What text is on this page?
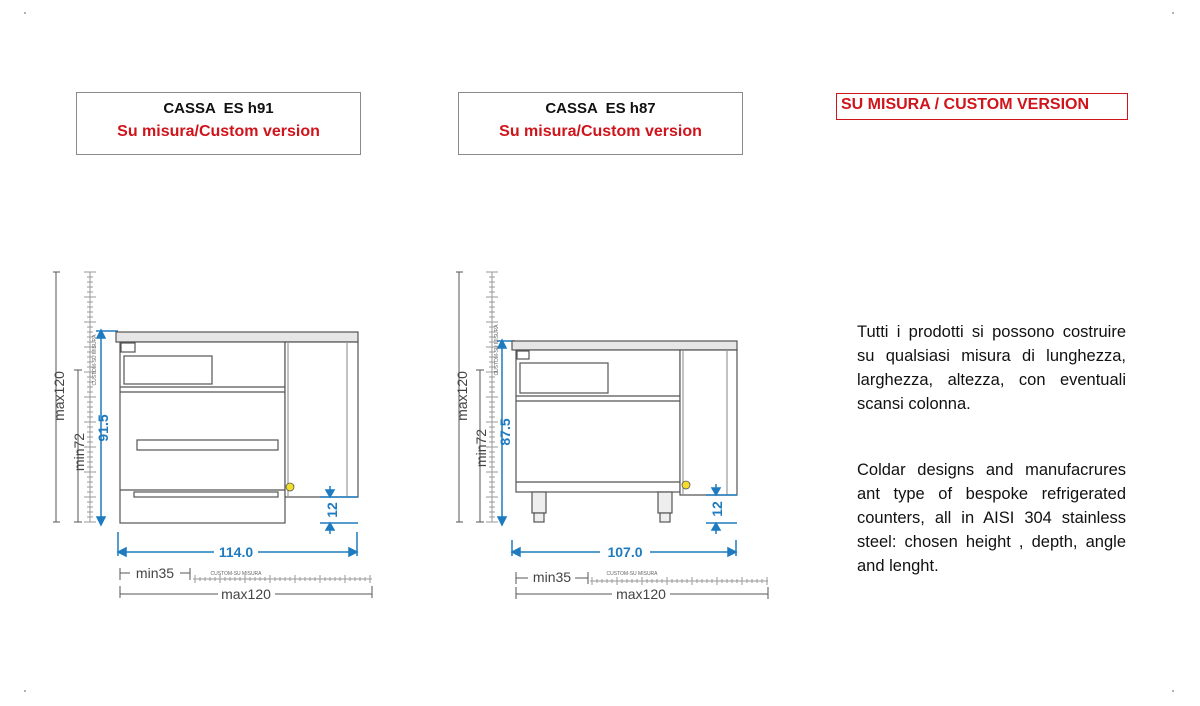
CASSA  ES h91
Su misura/Custom version
CASSA  ES h87
Su misura/Custom version
SU MISURA / CUSTOM VERSION
max120
min72
CUSTOM-SU MISURA
91.5
12
114.0
min35	CUSTOM-SU MISURA
max120
max120
min72
CUSTOM-SU MISURA
87.5
12
107.0
min35	CUSTOM-SU MISURA
max120
Tutti i prodotti si possono costruire su qualsiasi misura di lunghezza, larghezza, altezza, con eventuali scansi colonna.
Coldar designs and manufacrures ant type of bespoke refrigerated counters, all in AISI 304 stainless steel: chosen height , depth, angle and lenght.
